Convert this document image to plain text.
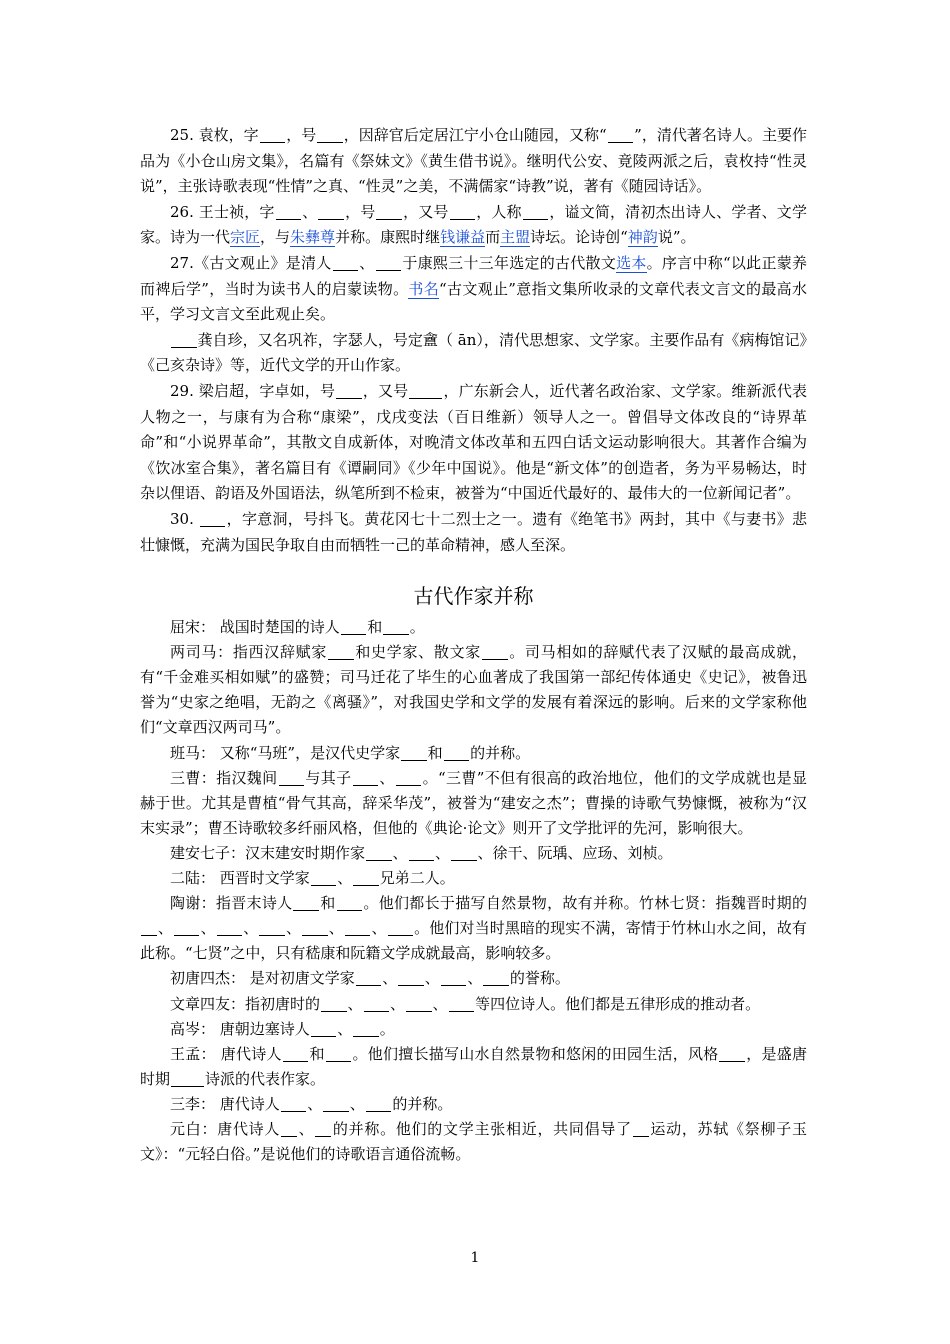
25. 袁枚，字 ，号 ，因辞官后定居江宁小仓山随园，又称“ ”，清代著名诗人。主要作品为《小仓山房文集》，名篇有《祭妹文》《黄生借书说》。继明代公安、竟陵两派之后，袁枚持“性灵说”，主张诗歌表现“性情”之真、“性灵”之美，不满儒家“诗教”说，著有《随园诗话》。

26. 王士祯，字 、 ，号 ，又号 ，人称 ，谥文简，清初杰出诗人、学者、文学家。诗为一代宗匠，与朱彝尊并称。康熙时继钱谦益而主盟诗坛。论诗创“神韵说”。

27.《古文观止》是清人 、 于康熙三十三年选定的古代散文选本。序言中称“以此正蒙养而裨后学”，当时为读书人的启蒙读物。书名“古文观止”意指文集所收录的文章代表文言文的最高水平，学习文言文至此观止矣。

龚自珍，又名巩祚，字瑟人，号定盦（ ān），清代思想家、文学家。主要作品有《病梅馆记》《己亥杂诗》等，近代文学的开山作家。

29. 梁启超，字卓如，号 ，又号 ，广东新会人，近代著名政治家、文学家。维新派代表人物之一，与康有为合称“康梁”，戊戌变法（百日维新）领导人之一。曾倡导文体改良的“诗界革命”和“小说界革命”，其散文自成新体，对晚清文体改革和五四白话文运动影响很大。其著作合编为《饮冰室合集》，著名篇目有《谭嗣同》《少年中国说》。他是“新文体”的创造者，务为平易畅达，时杂以俚语、韵语及外国语法，纵笔所到不检束，被誉为“中国近代最好的、最伟大的一位新闻记者”。

30. ，字意洞，号抖飞。黄花冈七十二烈士之一。遗有《绝笔书》两封，其中《与妻书》悲壮慷慨，充满为国民争取自由而牺牲一己的革命精神，感人至深。

古代作家并称

屈宋： 战国时楚国的诗人 和 。

两司马：指西汉辞赋家 和史学家、散文家 。司马相如的辞赋代表了汉赋的最高成就，有“千金难买相如赋”的盛赞；司马迁花了毕生的心血著成了我国第一部纪传体通史《史记》，被鲁迅誉为“史家之绝唱，无韵之《离骚》”，对我国史学和文学的发展有着深远的影响。后来的文学家称他们“文章西汉两司马”。

班马： 又称“马班”，是汉代史学家 和 的并称。

三曹：指汉魏间 与其子 、 。“三曹”不但有很高的政治地位，他们的文学成就也是显赫于世。尤其是曹植“骨气其高，辞采华茂”，被誉为“建安之杰”；曹操的诗歌气势慷慨，被称为“汉末实录”；曹丕诗歌较多纤丽风格，但他的《典论·论文》则开了文学批评的先河，影响很大。

建安七子：汉末建安时期作家 、 、 、徐干、阮瑀、应玚、刘桢。

二陆： 西晋时文学家 、 兄弟二人。

陶谢：指晋末诗人 和 。他们都长于描写自然景物，故有并称。竹林七贤：指魏晋时期的、 、 、 、 、 、 。他们对当时黑暗的现实不满，寄情于竹林山水之间，故有此称。“七贤”之中，只有嵇康和阮籍文学成就最高，影响较多。

初唐四杰： 是对初唐文学家 、 、 、 的誉称。

文章四友：指初唐时的 、 、 、 等四位诗人。他们都是五律形成的推动者。

高岑： 唐朝边塞诗人 、 。

王孟： 唐代诗人 和 。他们擅长描写山水自然景物和悠闲的田园生活，风格 ，是盛唐时期 诗派的代表作家。

三李： 唐代诗人 、 、 的并称。

元白：唐代诗人 、 的并称。他们的文学主张相近，共同倡导了 运动，苏轼《祭柳子玉文》：“元轻白俗。”是说他们的诗歌语言通俗流畅。

1
